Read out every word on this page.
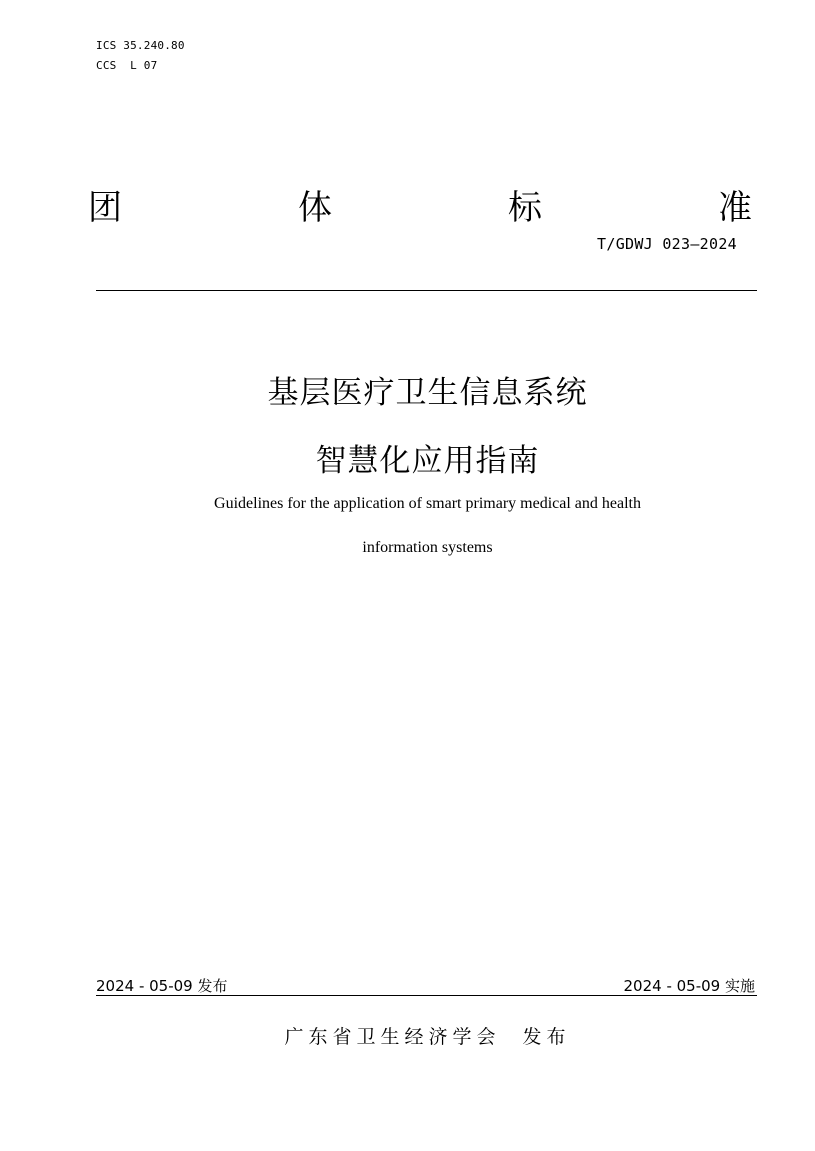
ICS 35.240.80
CCS  L 07
团	体	标	准
T/GDWJ 023—2024
基层医疗卫生信息系统
智慧化应用指南
Guidelines for the application of smart primary medical and health
information systems
2024 - 05-09 发布	2024 - 05-09 实施
广东省卫生经济学会  发布
